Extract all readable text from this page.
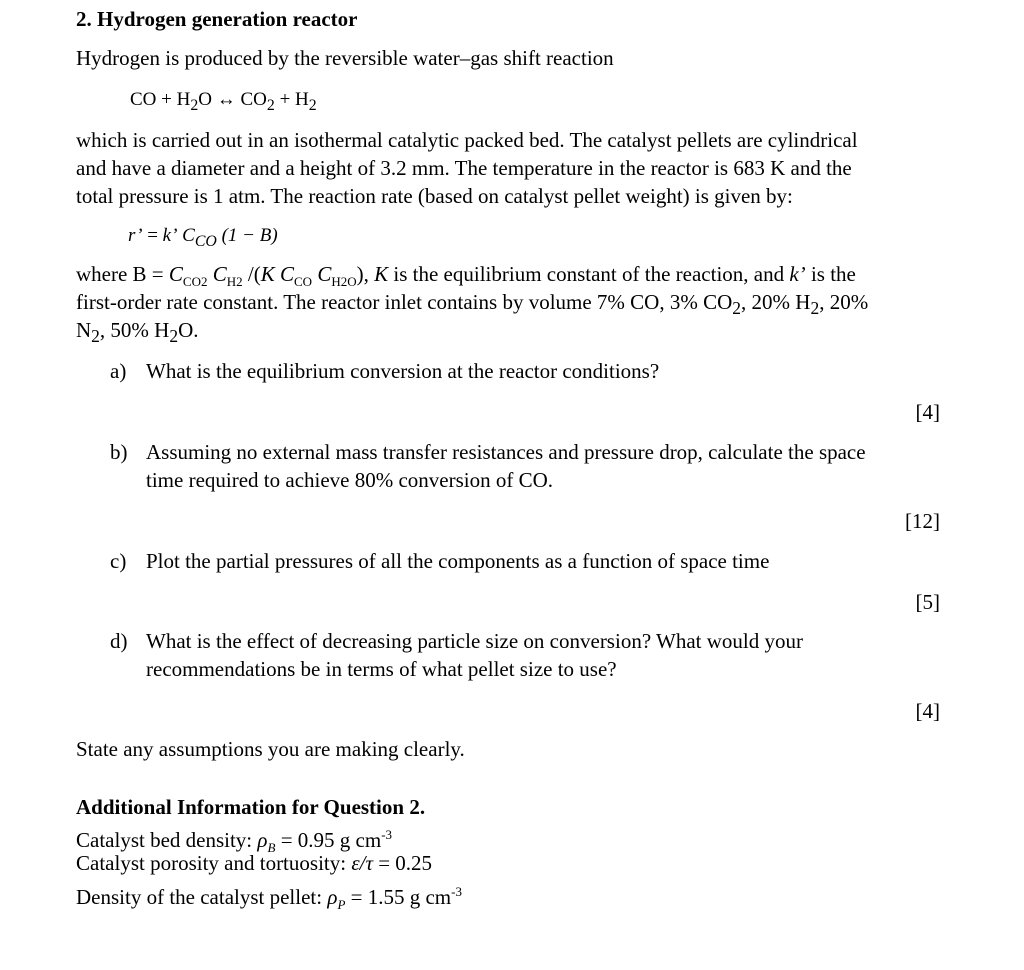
2. Hydrogen generation reactor
Hydrogen is produced by the reversible water–gas shift reaction
CO + $H_2O$ ↔ $CO_2 + H_2$
which is carried out in an isothermal catalytic packed bed. The catalyst pellets are cylindrical
and have a diameter and a height of 3.2 mm. The temperature in the reactor is 683 K and the
total pressure is 1 atm. The reaction rate (based on catalyst pellet weight) is given by:
r’ = k’ $C_{CO}$ (1 − B)
where $B = C_{CO2}$ $C_{H2}$ /(K $C_{CO}$ $C_{H2O}$), K is the equilibrium constant of the reaction, and k’ is the
first-order rate constant. The reactor inlet contains by volume 7% CO, 3% $CO_2$, 20% $H_2$, 20%
$N_2$, 50% $H_2O$.
a) What is the equilibrium conversion at the reactor conditions?
[4]
b) Assuming no external mass transfer resistances and pressure drop, calculate the space
time required to achieve 80% conversion of CO.
[12]
c) Plot the partial pressures of all the components as a function of space time
[5]
d) What is the effect of decreasing particle size on conversion? What would your
recommendations be in terms of what pellet size to use?
[4]
State any assumptions you are making clearly.
Additional Information for Question 2.
Catalyst bed density: $\rho_B = 0.95$ g $cm^{-3}$
Catalyst porosity and tortuosity: ε/τ = 0.25
Density of the catalyst pellet: $\rho_P = 1.55$ g $cm^{-3}$
